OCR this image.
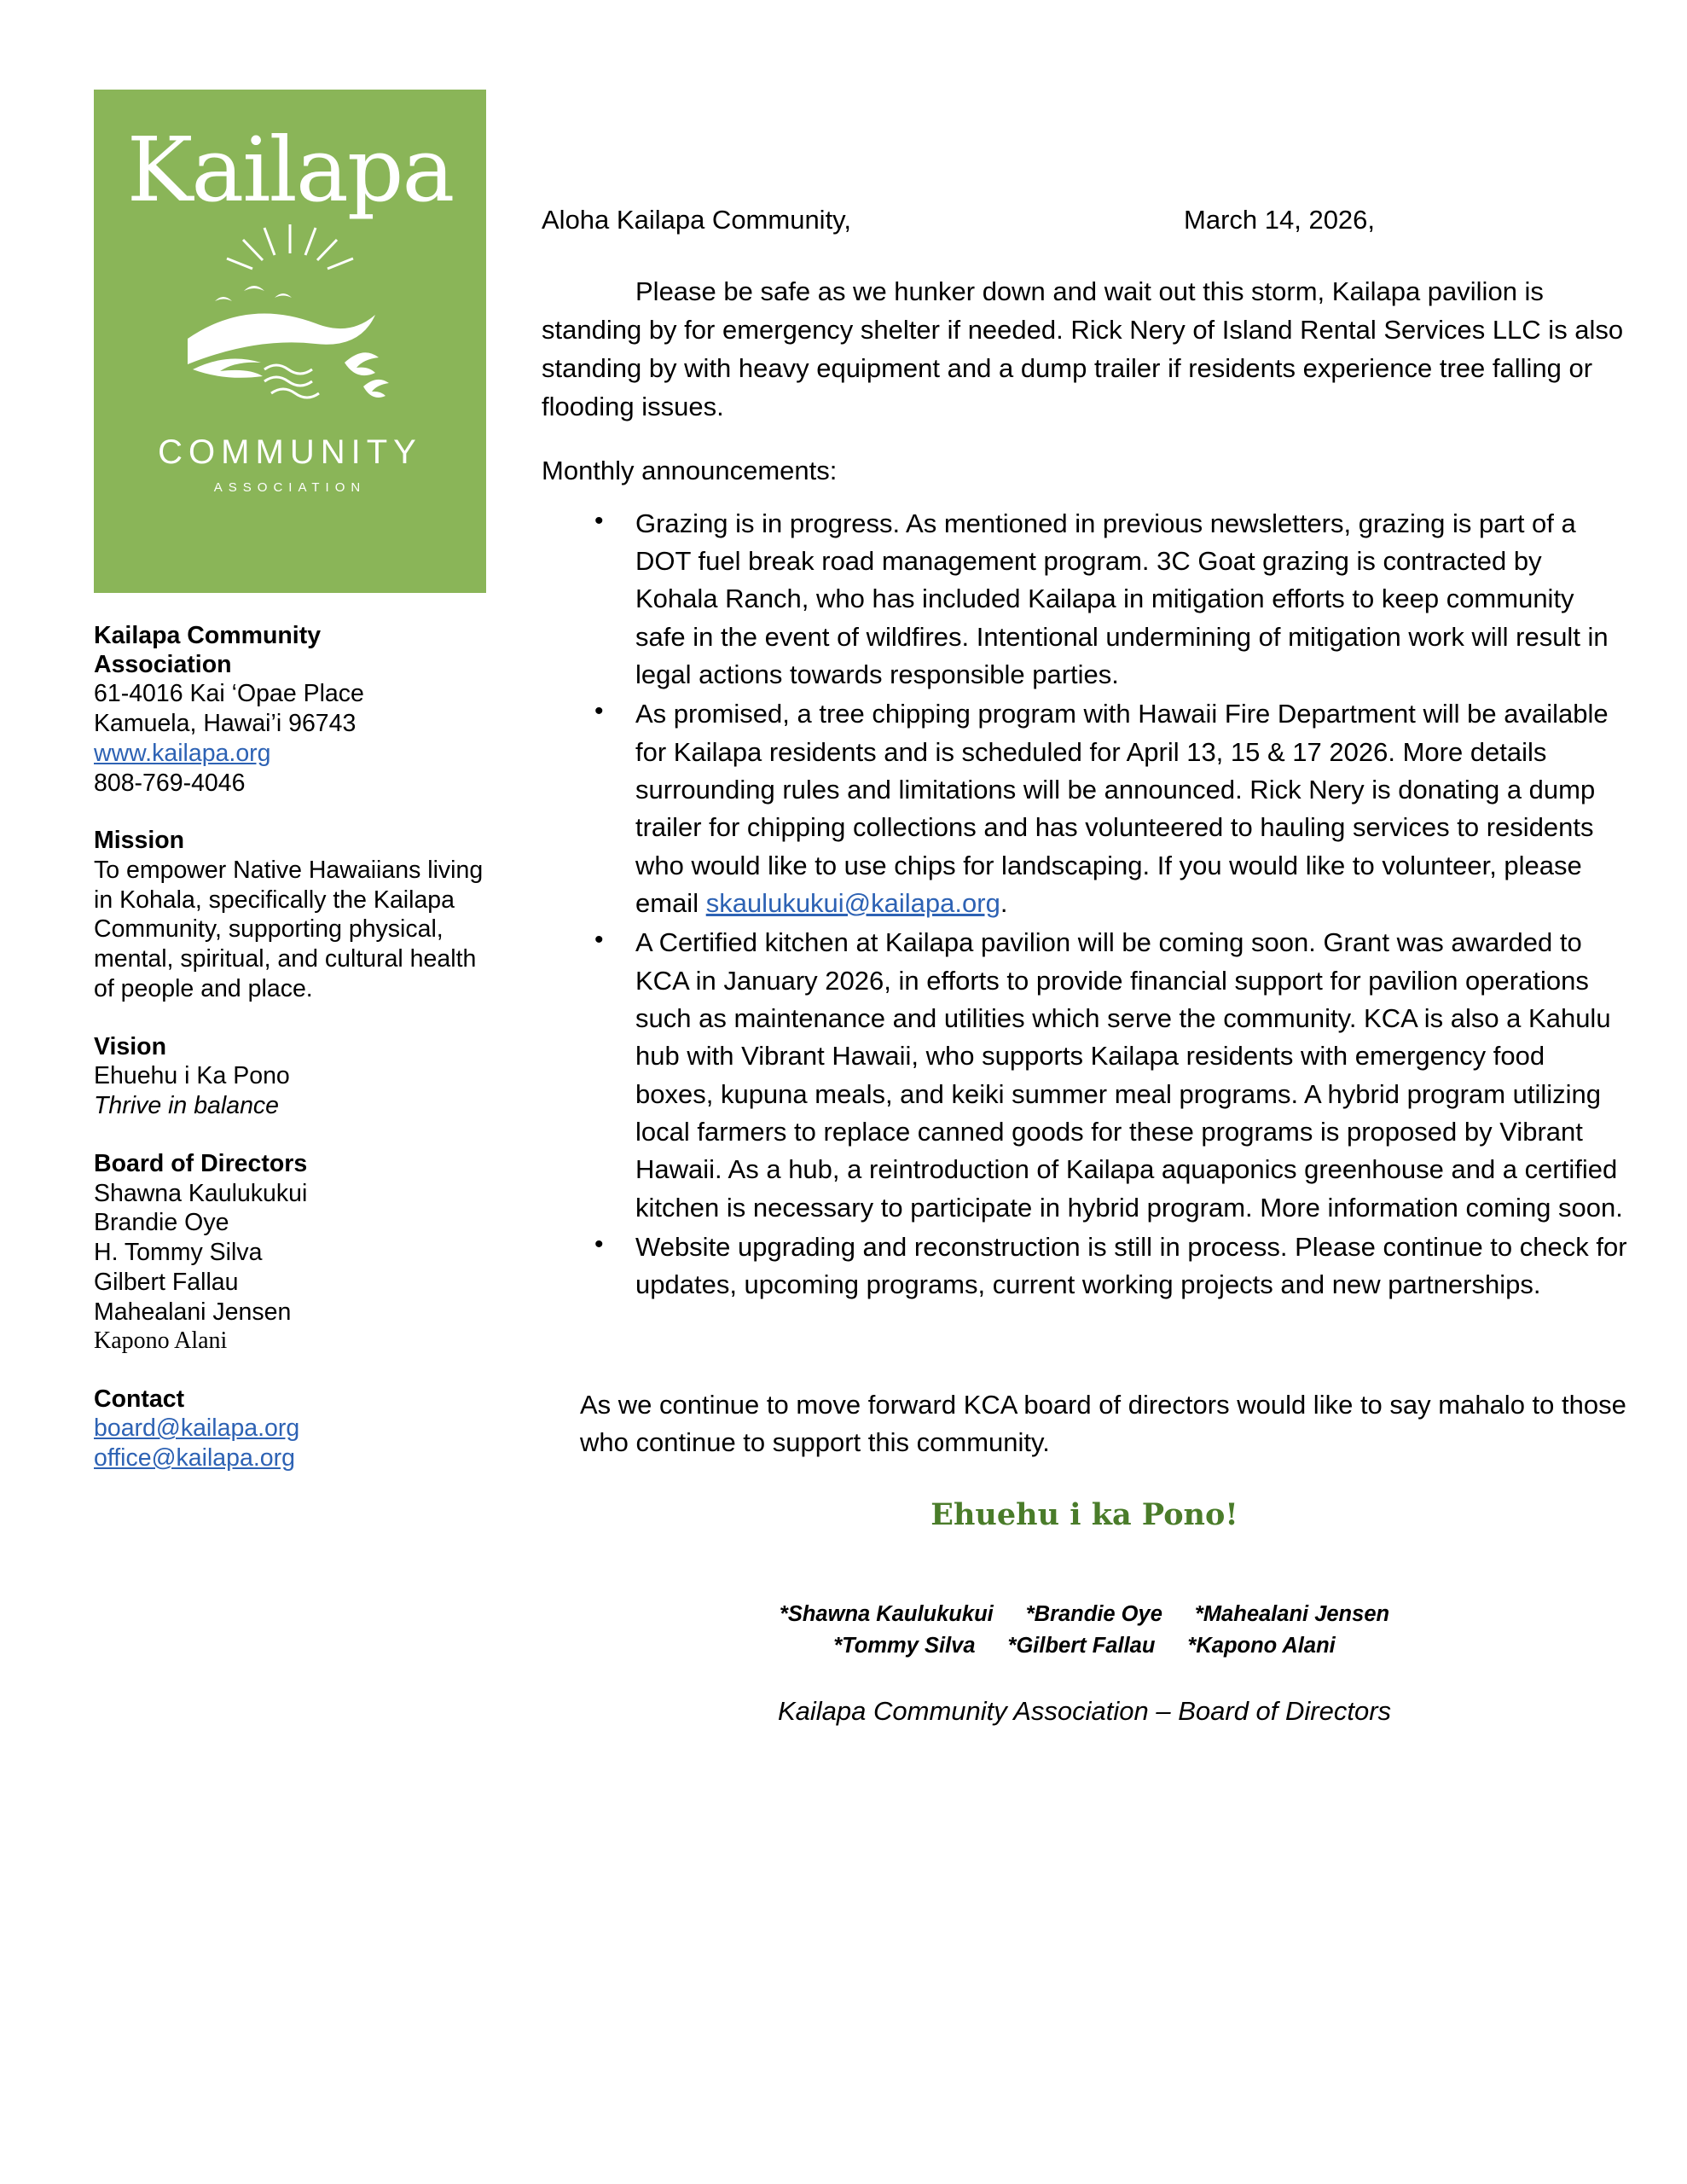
Kailapa
COMMUNITY
ASSOCIATION
Kailapa Community
Association
61-4016 Kai ‘Opae Place
Kamuela, Hawai’i 96743
www.kailapa.org
808-769-4046
Mission
To empower Native Hawaiians living in Kohala, specifically the Kailapa Community, supporting physical, mental, spiritual, and cultural health of people and place.
Vision
Ehuehu i Ka Pono
Thrive in balance
Board of Directors
Shawna Kaulukukui
Brandie Oye
H. Tommy Silva
Gilbert Fallau
Mahealani Jensen
Kapono Alani
Contact
board@kailapa.org
office@kailapa.org
Aloha Kailapa Community,	March 14, 2026,
Please be safe as we hunker down and wait out this storm, Kailapa pavilion is standing by for emergency shelter if needed. Rick Nery of Island Rental Services LLC is also standing by with heavy equipment and a dump trailer if residents experience tree falling or flooding issues.
Monthly announcements:
• Grazing is in progress. As mentioned in previous newsletters, grazing is part of a DOT fuel break road management program. 3C Goat grazing is contracted by Kohala Ranch, who has included Kailapa in mitigation efforts to keep community safe in the event of wildfires. Intentional undermining of mitigation work will result in legal actions towards responsible parties.
• As promised, a tree chipping program with Hawaii Fire Department will be available for Kailapa residents and is scheduled for April 13, 15 & 17 2026. More details surrounding rules and limitations will be announced. Rick Nery is donating a dump trailer for chipping collections and has volunteered to hauling services to residents who would like to use chips for landscaping. If you would like to volunteer, please email skaulukukui@kailapa.org.
• A Certified kitchen at Kailapa pavilion will be coming soon. Grant was awarded to KCA in January 2026, in efforts to provide financial support for pavilion operations such as maintenance and utilities which serve the community. KCA is also a Kahulu hub with Vibrant Hawaii, who supports Kailapa residents with emergency food boxes, kupuna meals, and keiki summer meal programs. A hybrid program utilizing local farmers to replace canned goods for these programs is proposed by Vibrant Hawaii. As a hub, a reintroduction of Kailapa aquaponics greenhouse and a certified kitchen is necessary to participate in hybrid program. More information coming soon.
• Website upgrading and reconstruction is still in process. Please continue to check for updates, upcoming programs, current working projects and new partnerships.
As we continue to move forward KCA board of directors would like to say mahalo to those who continue to support this community.
Ehuehu i ka Pono!
*Shawna Kaulukukui *Brandie Oye *Mahealani Jensen
*Tommy Silva *Gilbert Fallau *Kapono Alani
Kailapa Community Association – Board of Directors
